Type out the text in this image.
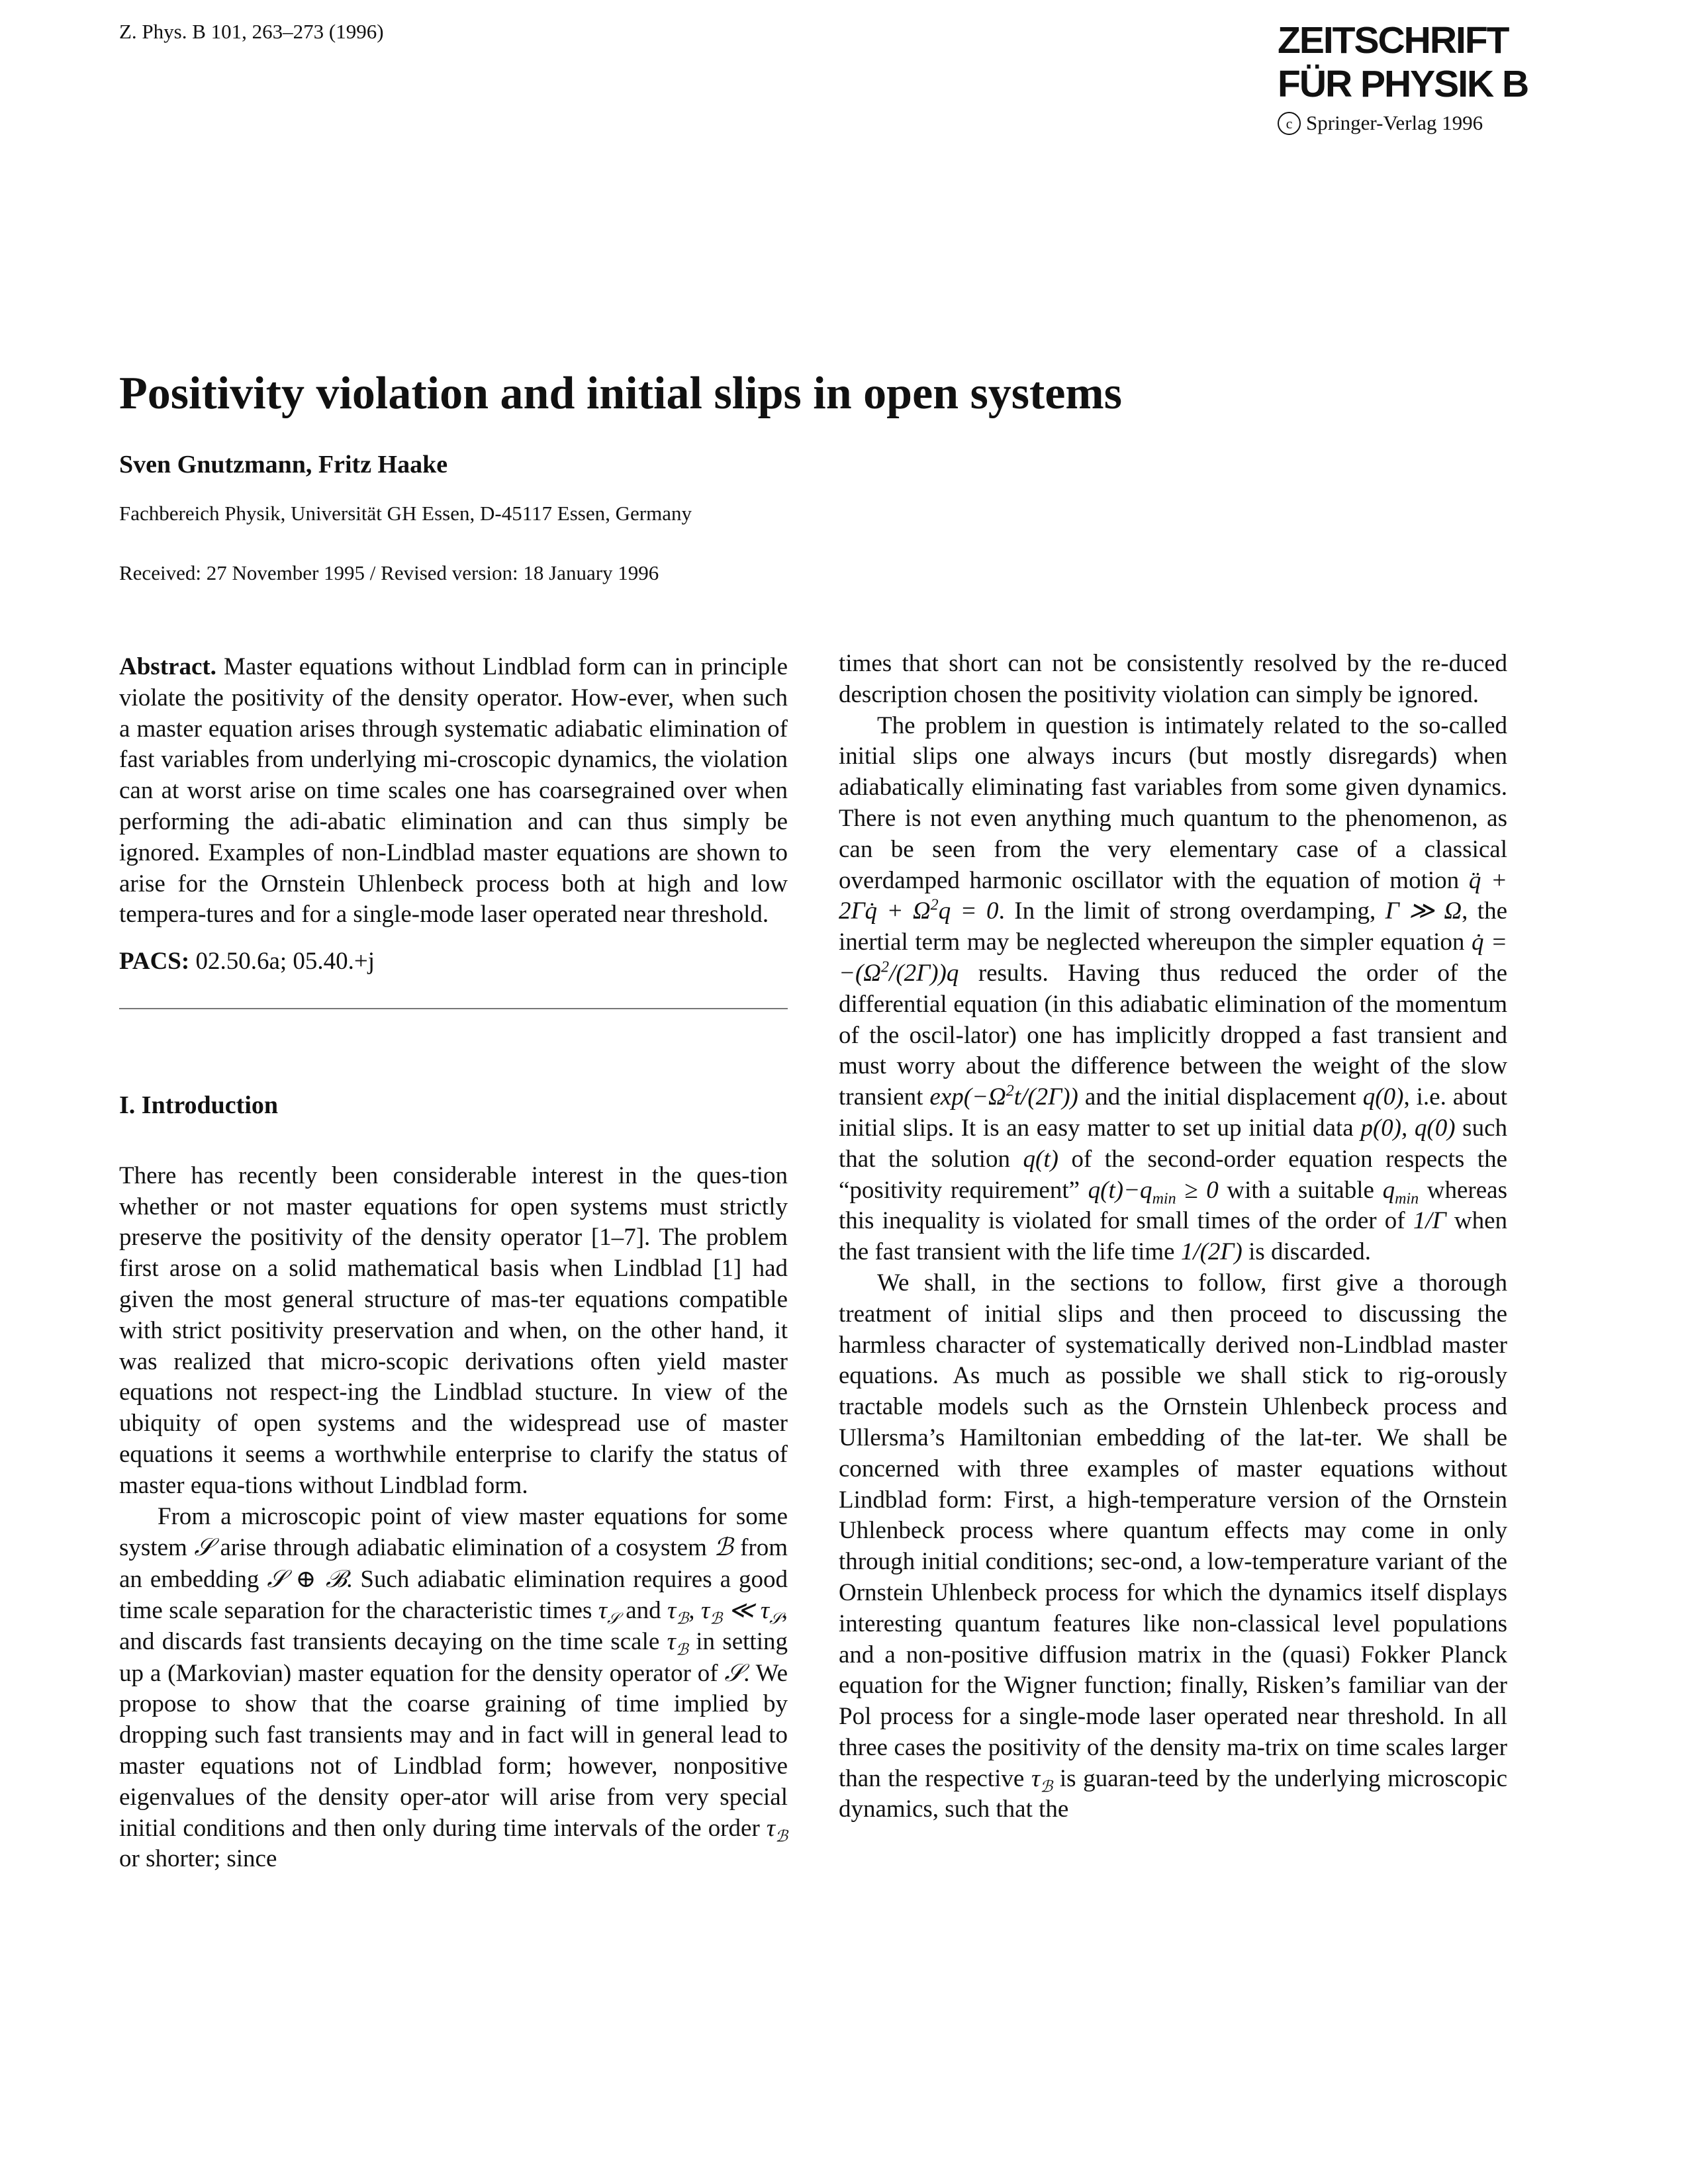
Z. Phys. B 101, 263–273 (1996)	ZEITSCHRIFT
FÜR PHYSIK B
c Springer-Verlag 1996
Positivity violation and initial slips in open systems
Sven Gnutzmann, Fritz Haake
Fachbereich Physik, Universität GH Essen, D-45117 Essen, Germany
Received: 27 November 1995 / Revised version: 18 January 1996

Abstract. Master equations without Lindblad form can in principle violate the positivity of the density operator. How-ever, when such a master equation arises through systematic adiabatic elimination of fast variables from underlying mi-croscopic dynamics, the violation can at worst arise on time scales one has coarsegrained over when performing the adi-abatic elimination and can thus simply be ignored. Examples of non-Lindblad master equations are shown to arise for the Ornstein Uhlenbeck process both at high and low tempera-tures and for a single-mode laser operated near threshold.

PACS: 02.50.6a; 05.40.+j

I. Introduction

There has recently been considerable interest in the ques-tion whether or not master equations for open systems must strictly preserve the positivity of the density operator [1–7]. The problem first arose on a solid mathematical basis when Lindblad [1] had given the most general structure of mas-ter equations compatible with strict positivity preservation and when, on the other hand, it was realized that micro-scopic derivations often yield master equations not respect-ing the Lindblad stucture. In view of the ubiquity of open systems and the widespread use of master equations it seems a worthwhile enterprise to clarify the status of master equa-tions without Lindblad form.

From a microscopic point of view master equations for some system 𝒮 arise through adiabatic elimination of a cosystem ℬ from an embedding 𝒮 ⊕ ℬ. Such adiabatic elimination requires a good time scale separation for the characteristic times $\tau_𝒮$ and $\tau_ℬ$, $\tau_ℬ$ ≪ $\tau_𝒮$, and discards fast transients decaying on the time scale $\tau_ℬ$ in setting up a (Markovian) master equation for the density operator of 𝒮. We propose to show that the coarse graining of time implied by dropping such fast transients may and in fact will in general lead to master equations not of Lindblad form; however, nonpositive eigenvalues of the density oper-ator will arise from very special initial conditions and then only during time intervals of the order $\tau_ℬ$ or shorter; since

times that short can not be consistently resolved by the re-duced description chosen the positivity violation can simply be ignored.

The problem in question is intimately related to the so-called initial slips one always incurs (but mostly disregards) when adiabatically eliminating fast variables from some given dynamics. There is not even anything much quantum to the phenomenon, as can be seen from the very elementary case of a classical overdamped harmonic oscillator with the equation of motion q̈ + 2Γq̇ + $\Omega^2q = 0$. In the limit of strong overdamping, Γ ≫ Ω, the inertial term may be neglected whereupon the simpler equation q̇ = $-(\Omega^2/(2\Gamma))q$ results. Having thus reduced the order of the differential equation (in this adiabatic elimination of the momentum of the oscil-lator) one has implicitly dropped a fast transient and must worry about the difference between the weight of the slow transient $\exp(-\Omega^2t/(2\Gamma))$ and the initial displacement q(0), i.e. about initial slips. It is an easy matter to set up initial data p(0), q(0) such that the solution q(t) of the second-order equation respects the “positivity requirement” $q(t)-q_{min} \ge 0$ with a suitable $q_{min}$ whereas this inequality is violated for small times of the order of 1/Γ when the fast transient with the life time 1/(2Γ) is discarded.

We shall, in the sections to follow, first give a thorough treatment of initial slips and then proceed to discussing the harmless character of systematically derived non-Lindblad master equations. As much as possible we shall stick to rig-orously tractable models such as the Ornstein Uhlenbeck process and Ullersma’s Hamiltonian embedding of the lat-ter. We shall be concerned with three examples of master equations without Lindblad form: First, a high-temperature version of the Ornstein Uhlenbeck process where quantum effects may come in only through initial conditions; sec-ond, a low-temperature variant of the Ornstein Uhlenbeck process for which the dynamics itself displays interesting quantum features like non-classical level populations and a non-positive diffusion matrix in the (quasi) Fokker Planck equation for the Wigner function; finally, Risken’s familiar van der Pol process for a single-mode laser operated near threshold. In all three cases the positivity of the density ma-trix on time scales larger than the respective $\tau_ℬ$ is guaran-teed by the underlying microscopic dynamics, such that the
